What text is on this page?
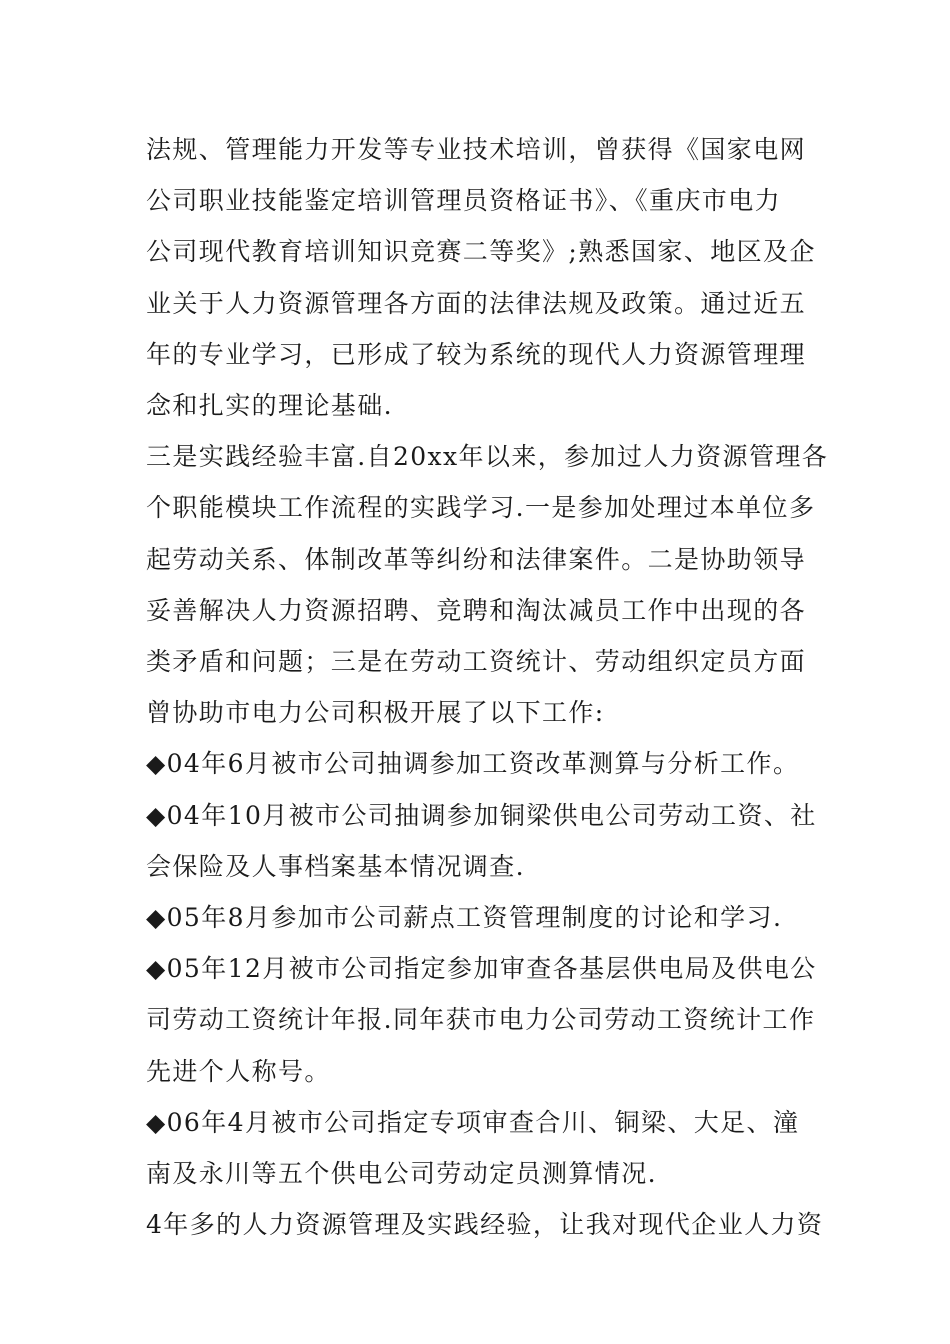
法规、管理能力开发等专业技术培训，曾获得《国家电网

公司职业技能鉴定培训管理员资格证书》、《重庆市电力

公司现代教育培训知识竞赛二等奖》;熟悉国家、地区及企

业关于人力资源管理各方面的法律法规及政策。通过近五

年的专业学习，已形成了较为系统的现代人力资源管理理

念和扎实的理论基础.

三是实践经验丰富.自20xx年以来，参加过人力资源管理各

个职能模块工作流程的实践学习.一是参加处理过本单位多

起劳动关系、体制改革等纠纷和法律案件。二是协助领导

妥善解决人力资源招聘、竞聘和淘汰减员工作中出现的各

类矛盾和问题；三是在劳动工资统计、劳动组织定员方面

曾协助市电力公司积极开展了以下工作:

◆04年6月被市公司抽调参加工资改革测算与分析工作。

◆04年10月被市公司抽调参加铜梁供电公司劳动工资、社

会保险及人事档案基本情况调查.

◆05年8月参加市公司薪点工资管理制度的讨论和学习.

◆05年12月被市公司指定参加审查各基层供电局及供电公

司劳动工资统计年报.同年获市电力公司劳动工资统计工作

先进个人称号。

◆06年4月被市公司指定专项审查合川、铜梁、大足、潼

南及永川等五个供电公司劳动定员测算情况.

4年多的人力资源管理及实践经验，让我对现代企业人力资
